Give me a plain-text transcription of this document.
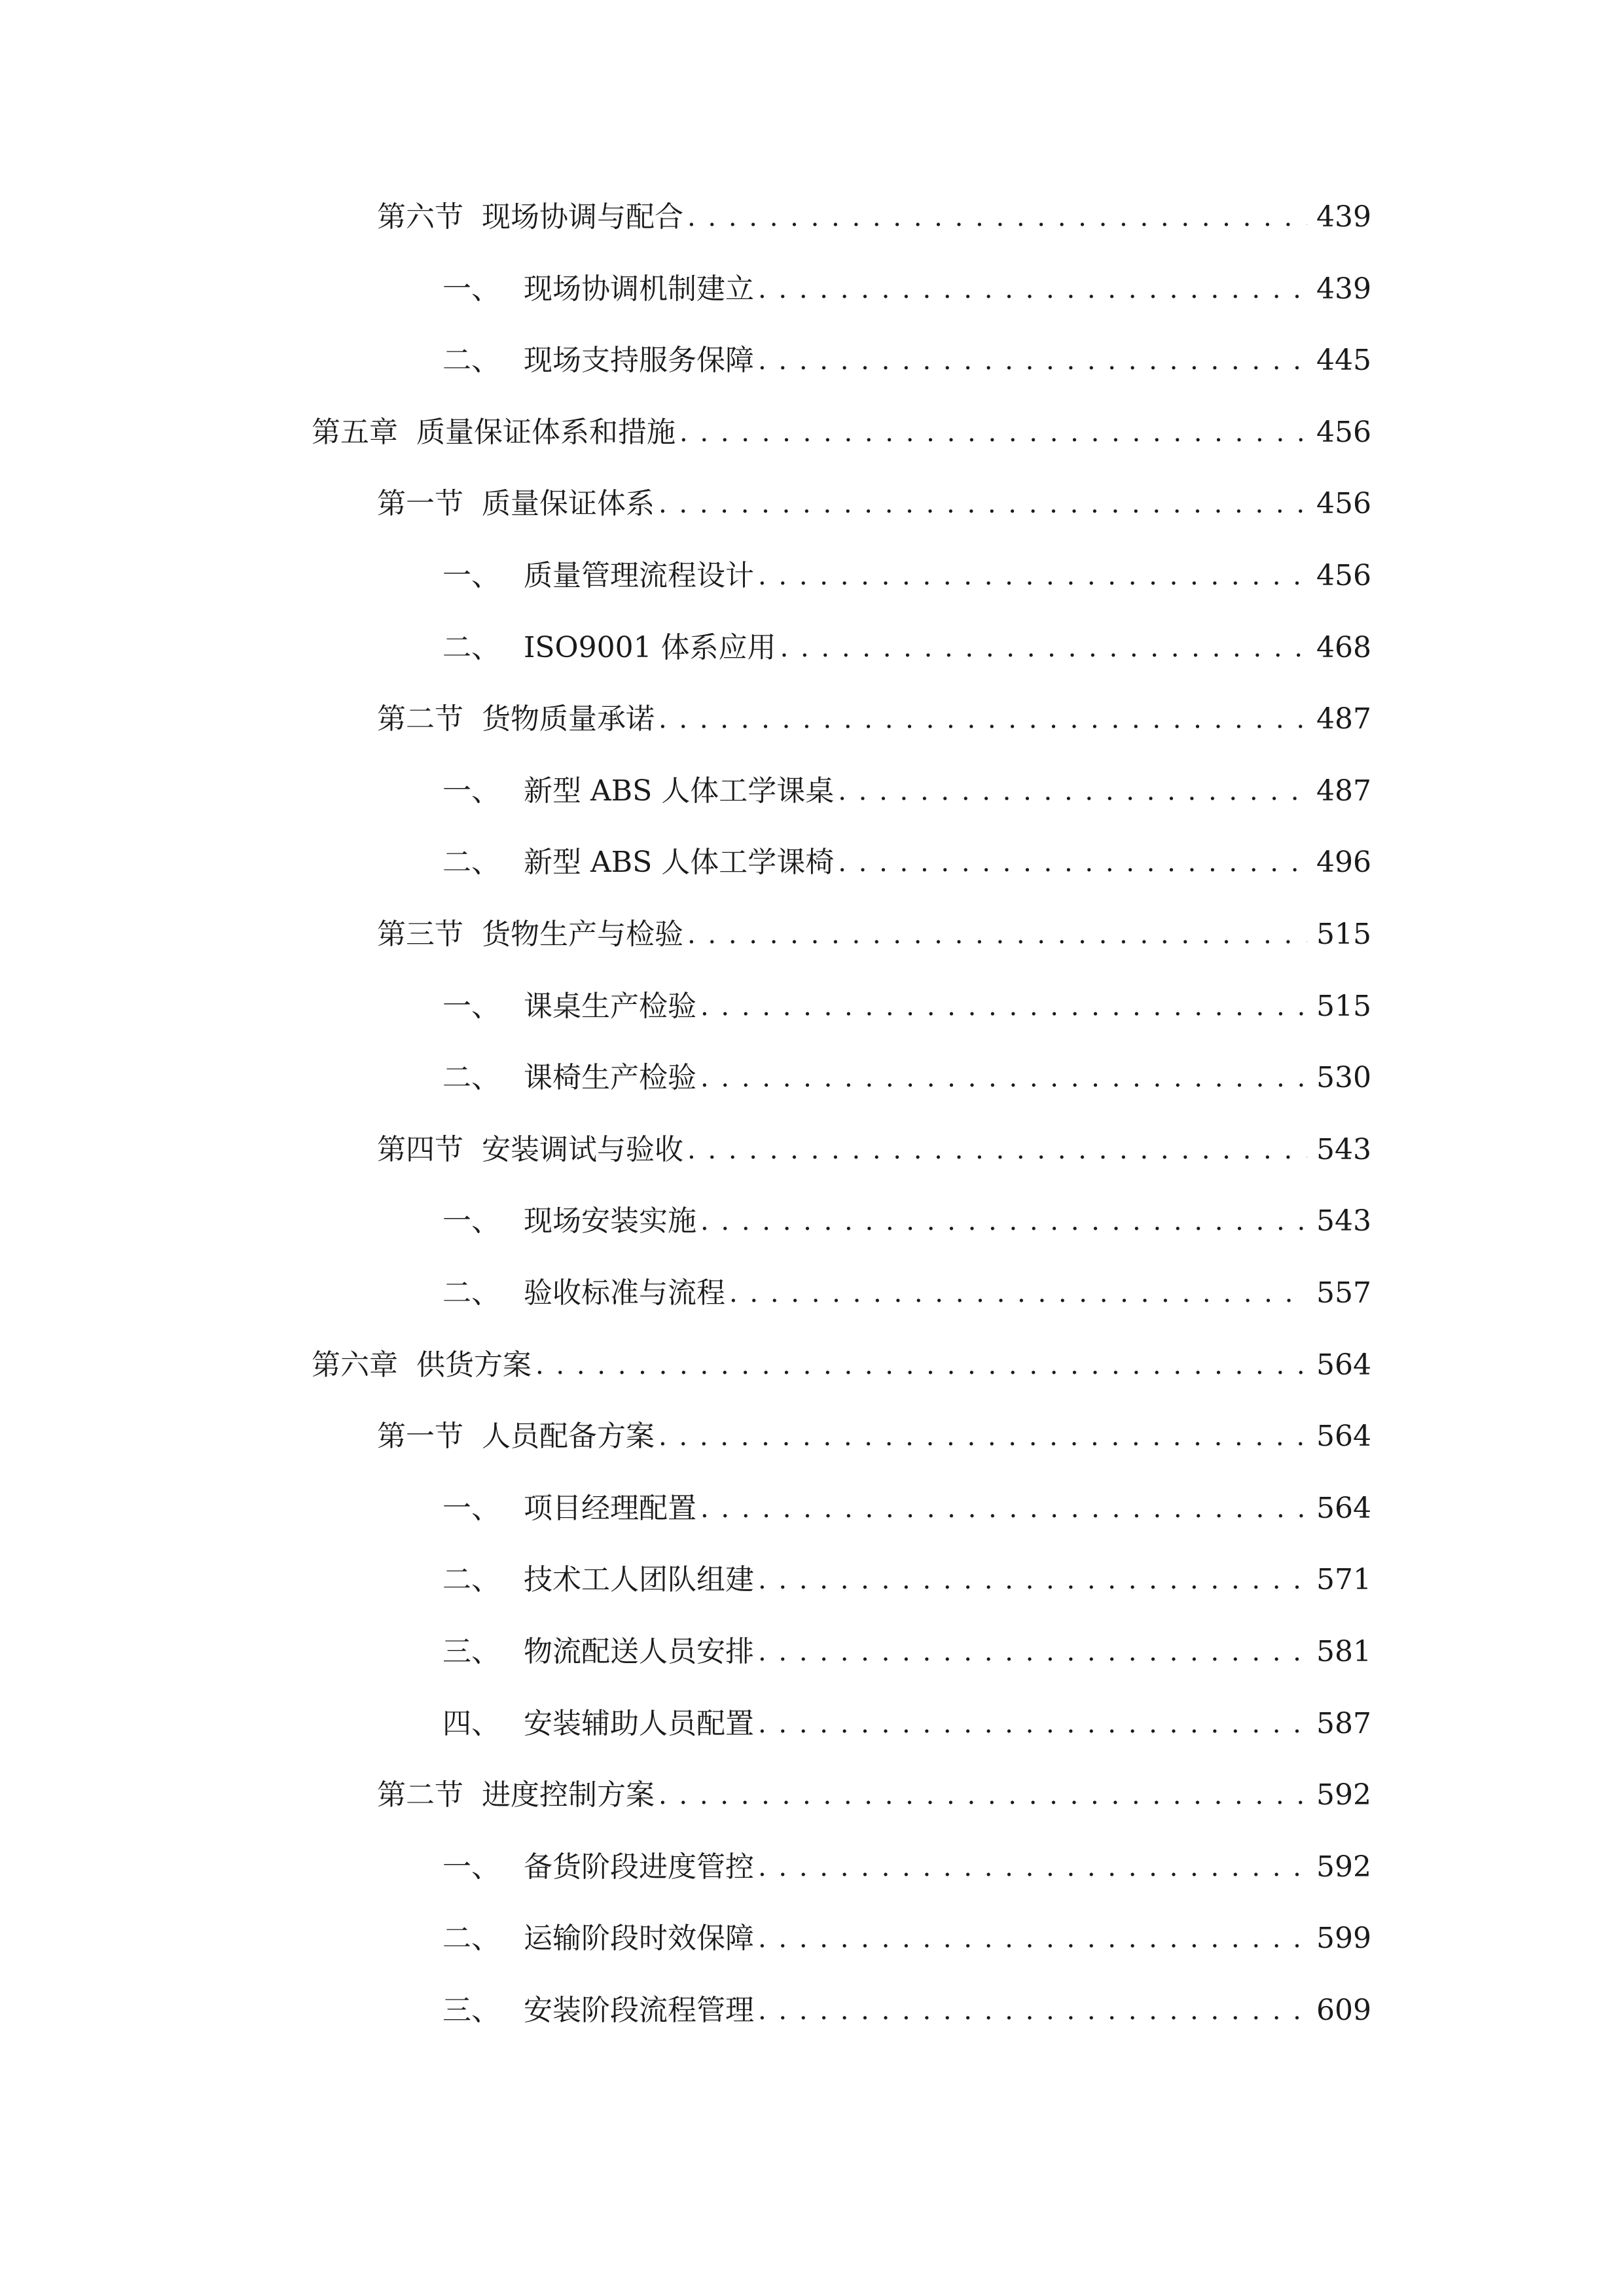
第六节 现场协调与配合 . . .	439
一、 现场协调机制建立 . . .	439
二、 现场支持服务保障 . . .	445
第五章 质量保证体系和措施 . . .	456
第一节 质量保证体系 . . .	456
一、 质量管理流程设计 . . .	456
二、 ISO9001 体系应用 . . .	468
第二节 货物质量承诺 . . .	487
一、 新型 ABS 人体工学课桌 . . .	487
二、 新型 ABS 人体工学课椅 . . .	496
第三节 货物生产与检验 . . .	515
一、 课桌生产检验 . . .	515
二、 课椅生产检验 . . .	530
第四节 安装调试与验收 . . .	543
一、 现场安装实施 . . .	543
二、 验收标准与流程 . . .	557
第六章 供货方案 . . .	564
第一节 人员配备方案 . . .	564
一、 项目经理配置 . . .	564
二、 技术工人团队组建 . . .	571
三、 物流配送人员安排 . . .	581
四、 安装辅助人员配置 . . .	587
第二节 进度控制方案 . . .	592
一、 备货阶段进度管控 . . .	592
二、 运输阶段时效保障 . . .	599
三、 安装阶段流程管理 . . .	609
